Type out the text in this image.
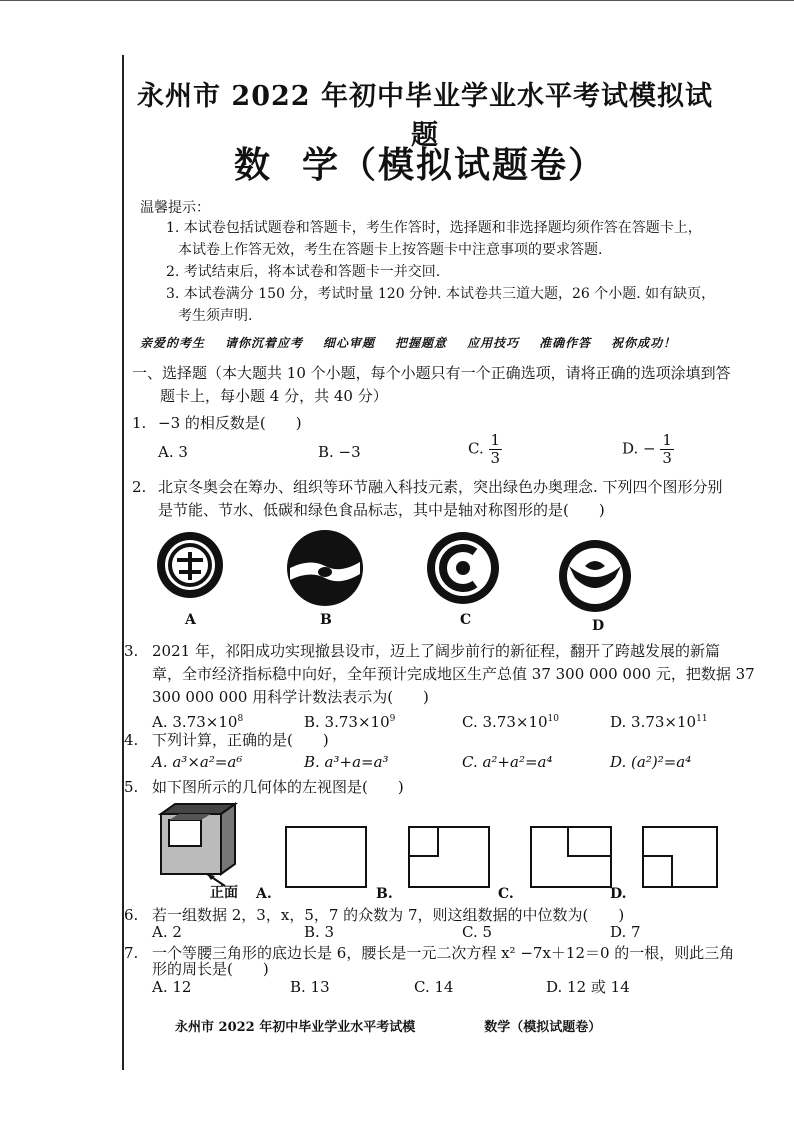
永州市 2022 年初中毕业学业水平考试模拟试题
数 学（模拟试题卷）
温馨提示：
1. 本试卷包括试题卷和答题卡，考生作答时，选择题和非选择题均须作答在答题卡上，
本试卷上作答无效，考生在答题卡上按答题卡中注意事项的要求答题.
2. 考试结束后，将本试卷和答题卡一并交回.
3. 本试卷满分 150 分，考试时量 120 分钟. 本试卷共三道大题，26 个小题. 如有缺页，
考生须声明.
亲爱的考生 请你沉着应考 细心审题 把握题意 应用技巧 准确作答 祝你成功！
一、选择题（本大题共 10 个小题，每个小题只有一个正确选项，请将正确的选项涂填到答
题卡上，每小题 4 分，共 40 分）
1. −3 的相反数是(　　)
A. 3	B. −3	C. $\frac{1}{3}$	D. − $\frac{1}{3}$
2. 北京冬奥会在筹办、组织等环节融入科技元素，突出绿色办奥理念. 下列四个图形分别
是节能、节水、低碳和绿色食品标志，其中是轴对称图形的是(　　)
A	B	C	D
3. 2021 年，祁阳成功实现撤县设市，迈上了阔步前行的新征程，翻开了跨越发展的新篇
章，全市经济指标稳中向好，全年预计完成地区生产总值 37 300 000 000 元，把数据 37
300 000 000 用科学计数法表示为(　　)
A. $3.73\times 10^8$	B. $3.73\times 10^9$	C. $3.73\times 10^{10}$	D. $3.73\times 10^{11}$
4. 下列计算，正确的是(　　)
A. a³×a²=a⁶	B. a³+a=a³	C. a²+a²=a⁴	D. (a²)²=a⁴
5. 如下图所示的几何体的左视图是(　　)
正面 A.	B.	C.	D.
6. 若一组数据 2，3，x，5，7 的众数为 7，则这组数据的中位数为(　　)
A. 2	B. 3	C. 5	D. 7
7. 一个等腰三角形的底边长是 6，腰长是一元二次方程 x² −7x＋12＝0 的一根，则此三角
形的周长是(　　)
A. 12	B. 13	C. 14	D. 12 或 14
永州市 2022 年初中毕业学业水平考试模	数学（模拟试题卷）
